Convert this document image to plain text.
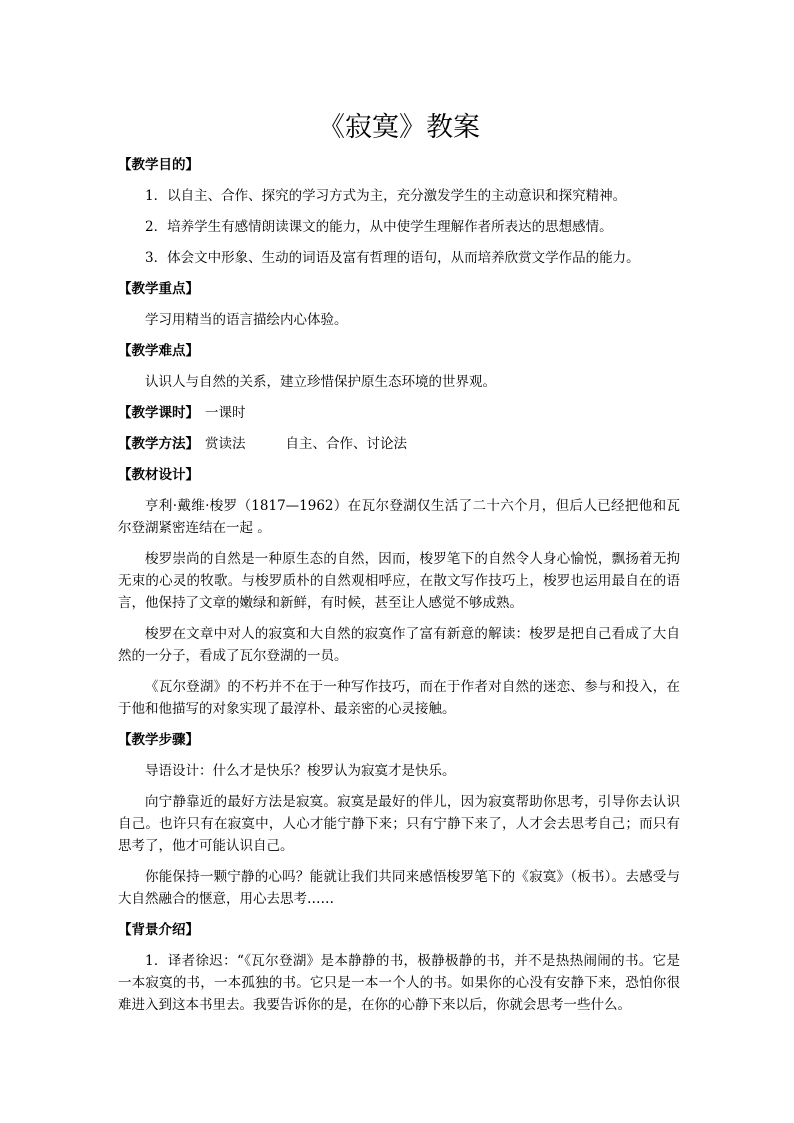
《寂寞》教案
【教学目的】

1．以自主、合作、探究的学习方式为主，充分激发学生的主动意识和探究精神。

2．培养学生有感情朗读课文的能力，从中使学生理解作者所表达的思想感情。

3．体会文中形象、生动的词语及富有哲理的语句，从而培养欣赏文学作品的能力。

【教学重点】

学习用精当的语言描绘内心体验。

【教学难点】

认识人与自然的关系，建立珍惜保护原生态环境的世界观。

【教学课时】 一课时
【教学方法】 赏读法	自主、合作、讨论法
【教材设计】

亨利·戴维·梭罗（1817—1962）在瓦尔登湖仅生活了二十六个月，但后人已经把他和瓦尔登湖紧密连结在一起 。

梭罗崇尚的自然是一种原生态的自然，因而，梭罗笔下的自然令人身心愉悦，飘扬着无拘无束的心灵的牧歌。与梭罗质朴的自然观相呼应，在散文写作技巧上，梭罗也运用最自在的语言，他保持了文章的嫩绿和新鲜，有时候，甚至让人感觉不够成熟。

梭罗在文章中对人的寂寞和大自然的寂寞作了富有新意的解读：梭罗是把自己看成了大自然的一分子，看成了瓦尔登湖的一员。

《瓦尔登湖》的不朽并不在于一种写作技巧，而在于作者对自然的迷恋、参与和投入，在于他和他描写的对象实现了最淳朴、最亲密的心灵接触。

【教学步骤】

导语设计：什么才是快乐？梭罗认为寂寞才是快乐。

向宁静靠近的最好方法是寂寞。寂寞是最好的伴儿，因为寂寞帮助你思考，引导你去认识自己。也许只有在寂寞中，人心才能宁静下来；只有宁静下来了，人才会去思考自己；而只有思考了，他才可能认识自己。

你能保持一颗宁静的心吗？能就让我们共同来感悟梭罗笔下的《寂寞》（板书）。去感受与大自然融合的惬意，用心去思考……

【背景介绍】

1．译者徐迟：“《瓦尔登湖》是本静静的书，极静极静的书，并不是热热闹闹的书。它是一本寂寞的书，一本孤独的书。它只是一本一个人的书。如果你的心没有安静下来，恐怕你很难进入到这本书里去。我要告诉你的是，在你的心静下来以后，你就会思考一些什么。
